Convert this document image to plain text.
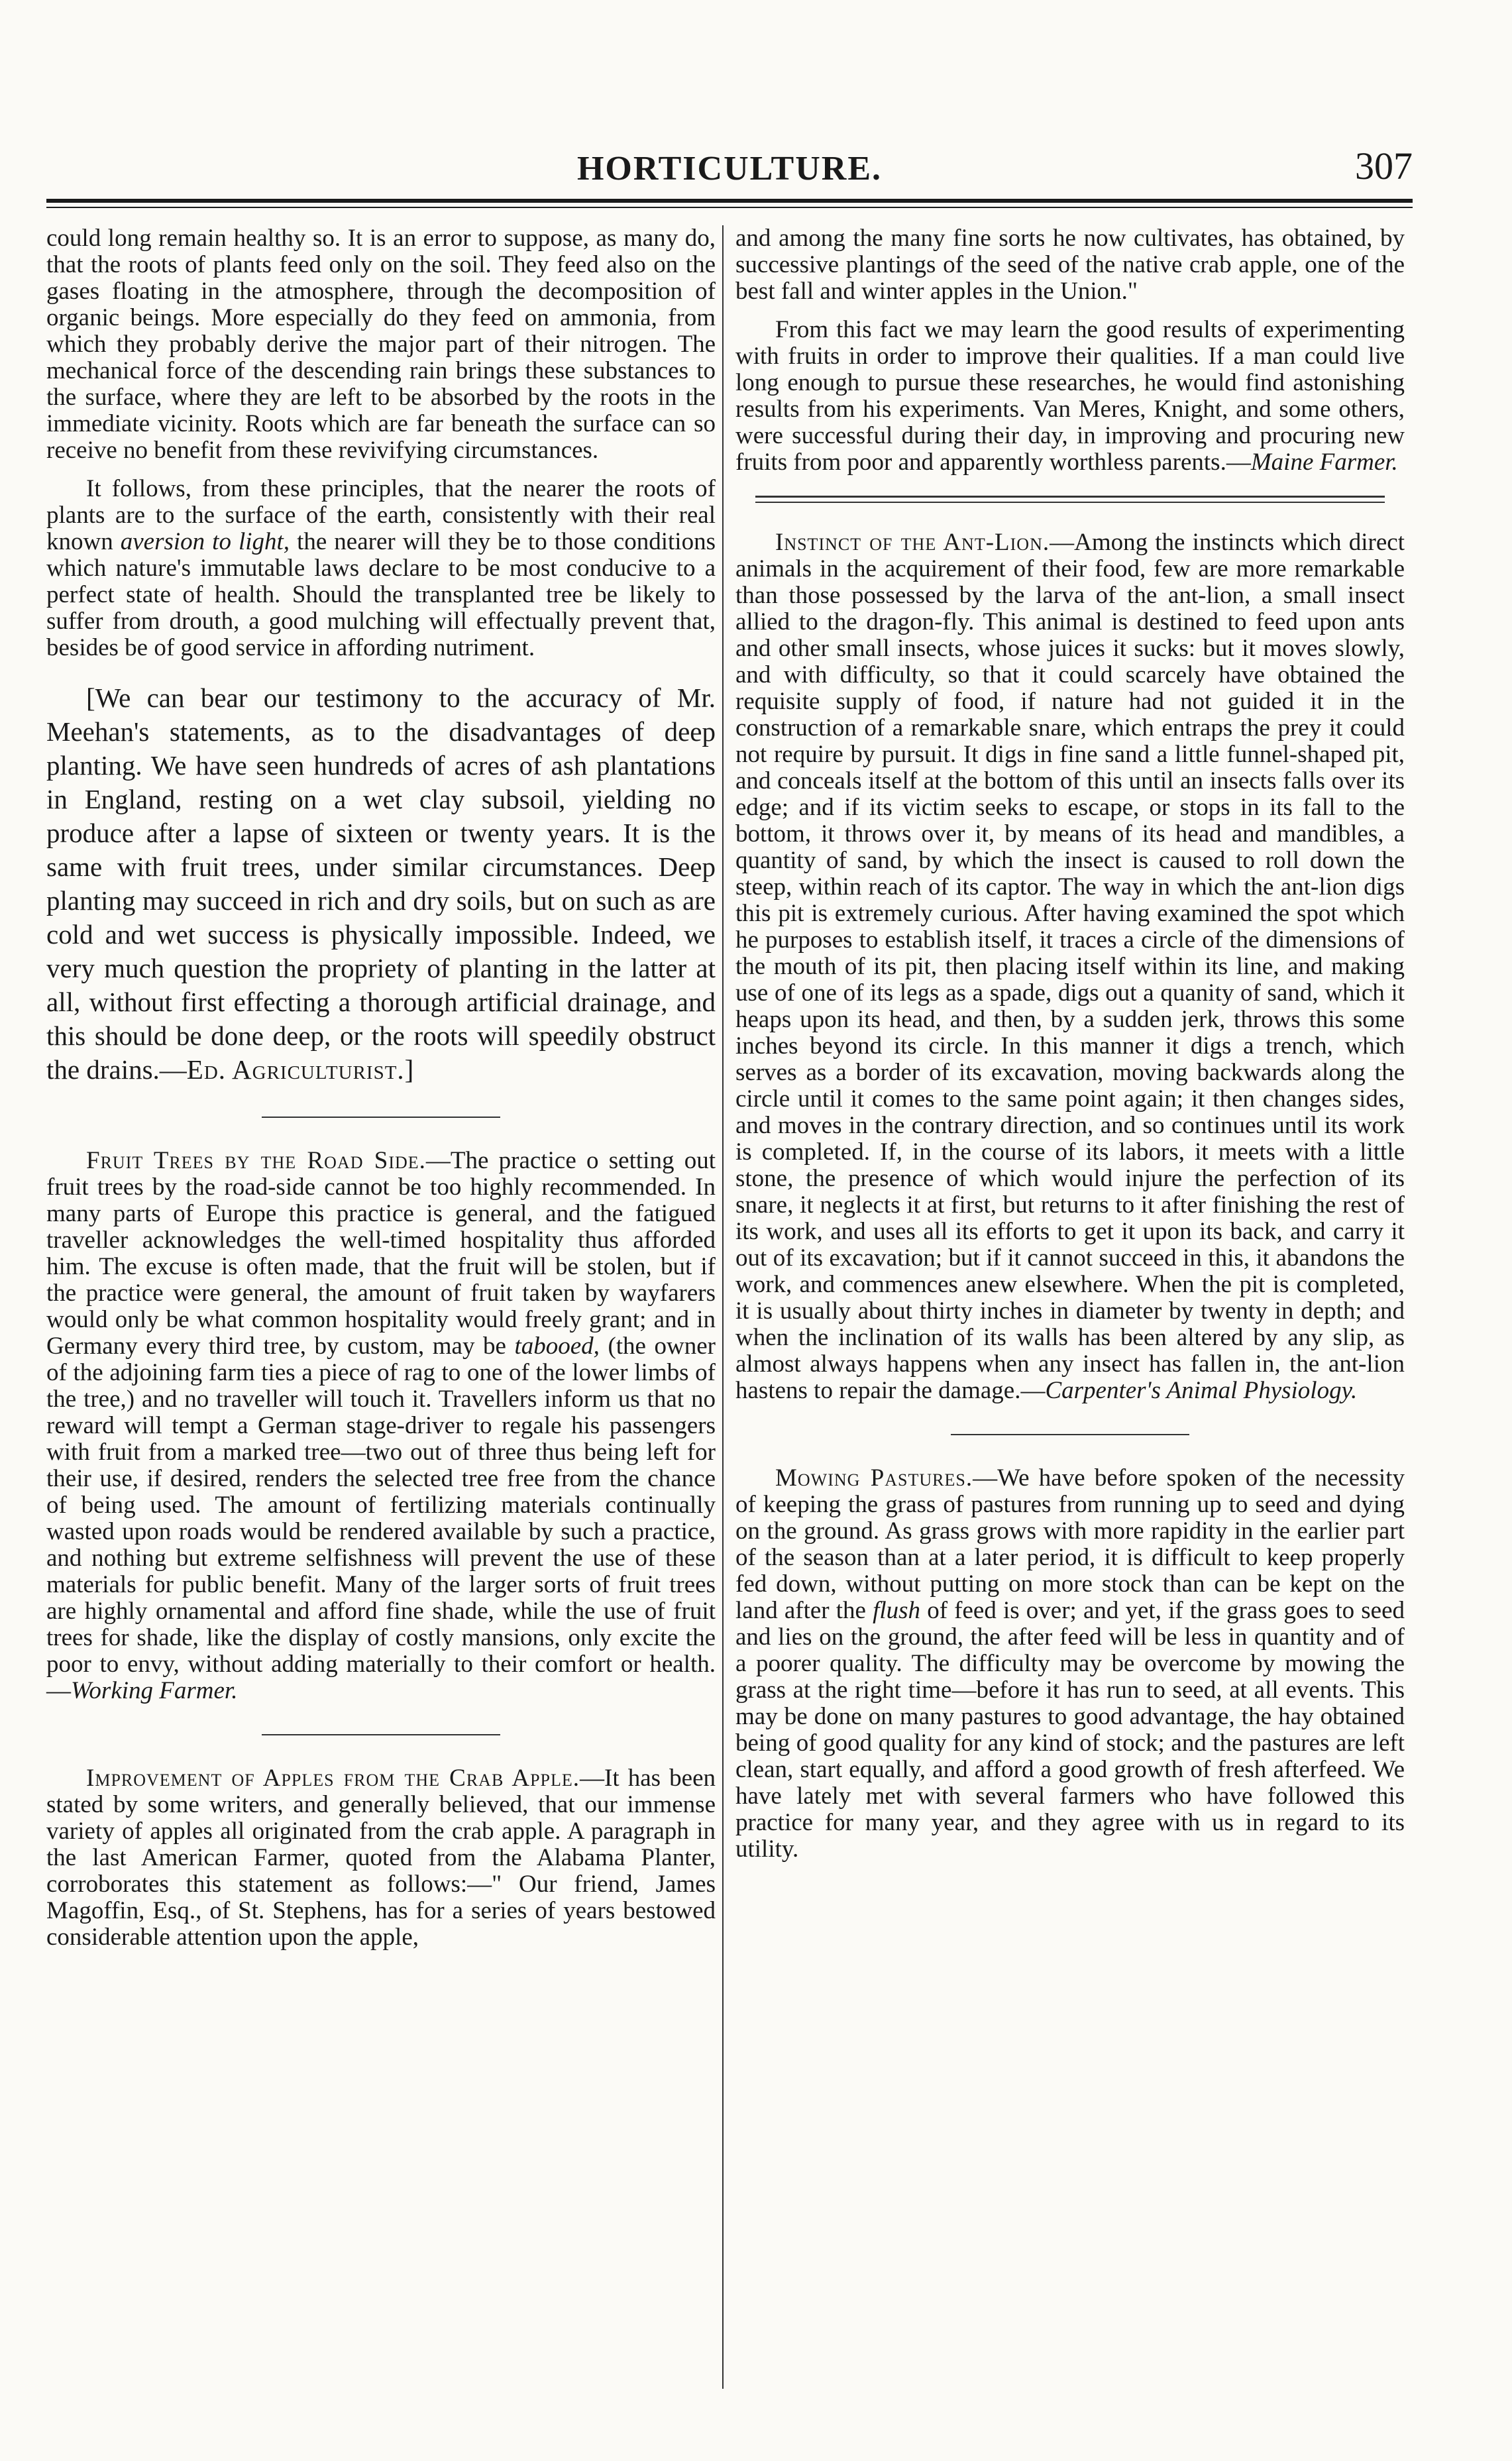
HORTICULTURE.	307

could long remain healthy so. It is an error to suppose, as many do, that the roots of plants feed only on the soil. They feed also on the gases floating in the atmosphere, through the decomposition of organic beings. More especially do they feed on ammonia, from which they probably derive the major part of their nitrogen. The mechanical force of the descending rain brings these substances to the surface, where they are left to be absorbed by the roots in the immediate vicinity. Roots which are far beneath the surface can so receive no benefit from these revivifying circumstances.

It follows, from these principles, that the nearer the roots of plants are to the surface of the earth, consistently with their real known aversion to light, the nearer will they be to those conditions which nature's immutable laws declare to be most conducive to a perfect state of health. Should the transplanted tree be likely to suffer from drouth, a good mulching will effectually prevent that, besides be of good service in affording nutriment.

[We can bear our testimony to the accuracy of Mr. Meehan's statements, as to the disadvantages of deep planting. We have seen hundreds of acres of ash plantations in England, resting on a wet clay subsoil, yielding no produce after a lapse of sixteen or twenty years. It is the same with fruit trees, under similar circumstances. Deep planting may succeed in rich and dry soils, but on such as are cold and wet success is physically impossible. Indeed, we very much question the propriety of planting in the latter at all, without first effecting a thorough artificial drainage, and this should be done deep, or the roots will speedily obstruct the drains.—Ed. Agriculturist.]

Fruit Trees by the Road Side.—The practice o setting out fruit trees by the road-side cannot be too highly recommended. In many parts of Europe this practice is general, and the fatigued traveller acknowledges the well-timed hospitality thus afforded him. The excuse is often made, that the fruit will be stolen, but if the practice were general, the amount of fruit taken by wayfarers would only be what common hospitality would freely grant; and in Germany every third tree, by custom, may be tabooed, (the owner of the adjoining farm ties a piece of rag to one of the lower limbs of the tree,) and no traveller will touch it. Travellers inform us that no reward will tempt a German stage-driver to regale his passengers with fruit from a marked tree—two out of three thus being left for their use, if desired, renders the selected tree free from the chance of being used. The amount of fertilizing materials continually wasted upon roads would be rendered available by such a practice, and nothing but extreme selfishness will prevent the use of these materials for public benefit. Many of the larger sorts of fruit trees are highly ornamental and afford fine shade, while the use of fruit trees for shade, like the display of costly mansions, only excite the poor to envy, without adding materially to their comfort or health.—Working Farmer.

Improvement of Apples from the Crab Apple.—It has been stated by some writers, and generally believed, that our immense variety of apples all originated from the crab apple. A paragraph in the last American Farmer, quoted from the Alabama Planter, corroborates this statement as follows:—" Our friend, James Magoffin, Esq., of St. Stephens, has for a series of years bestowed considerable attention upon the apple,

and among the many fine sorts he now cultivates, has obtained, by successive plantings of the seed of the native crab apple, one of the best fall and winter apples in the Union."

From this fact we may learn the good results of experimenting with fruits in order to improve their qualities. If a man could live long enough to pursue these researches, he would find astonishing results from his experiments. Van Meres, Knight, and some others, were successful during their day, in improving and procuring new fruits from poor and apparently worthless parents.—Maine Farmer.

Instinct of the Ant-Lion.—Among the instincts which direct animals in the acquirement of their food, few are more remarkable than those possessed by the larva of the ant-lion, a small insect allied to the dragon-fly. This animal is destined to feed upon ants and other small insects, whose juices it sucks: but it moves slowly, and with difficulty, so that it could scarcely have obtained the requisite supply of food, if nature had not guided it in the construction of a remarkable snare, which entraps the prey it could not require by pursuit. It digs in fine sand a little funnel-shaped pit, and conceals itself at the bottom of this until an insects falls over its edge; and if its victim seeks to escape, or stops in its fall to the bottom, it throws over it, by means of its head and mandibles, a quantity of sand, by which the insect is caused to roll down the steep, within reach of its captor. The way in which the ant-lion digs this pit is extremely curious. After having examined the spot which he purposes to establish itself, it traces a circle of the dimensions of the mouth of its pit, then placing itself within its line, and making use of one of its legs as a spade, digs out a quanity of sand, which it heaps upon its head, and then, by a sudden jerk, throws this some inches beyond its circle. In this manner it digs a trench, which serves as a border of its excavation, moving backwards along the circle until it comes to the same point again; it then changes sides, and moves in the contrary direction, and so continues until its work is completed. If, in the course of its labors, it meets with a little stone, the presence of which would injure the perfection of its snare, it neglects it at first, but returns to it after finishing the rest of its work, and uses all its efforts to get it upon its back, and carry it out of its excavation; but if it cannot succeed in this, it abandons the work, and commences anew elsewhere. When the pit is completed, it is usually about thirty inches in diameter by twenty in depth; and when the inclination of its walls has been altered by any slip, as almost always happens when any insect has fallen in, the ant-lion hastens to repair the damage.—Carpenter's Animal Physiology.

Mowing Pastures.—We have before spoken of the necessity of keeping the grass of pastures from running up to seed and dying on the ground. As grass grows with more rapidity in the earlier part of the season than at a later period, it is difficult to keep properly fed down, without putting on more stock than can be kept on the land after the flush of feed is over; and yet, if the grass goes to seed and lies on the ground, the after feed will be less in quantity and of a poorer quality. The difficulty may be overcome by mowing the grass at the right time—before it has run to seed, at all events. This may be done on many pastures to good advantage, the hay obtained being of good quality for any kind of stock; and the pastures are left clean, start equally, and afford a good growth of fresh afterfeed. We have lately met with several farmers who have followed this practice for many year, and they agree with us in regard to its utility.
